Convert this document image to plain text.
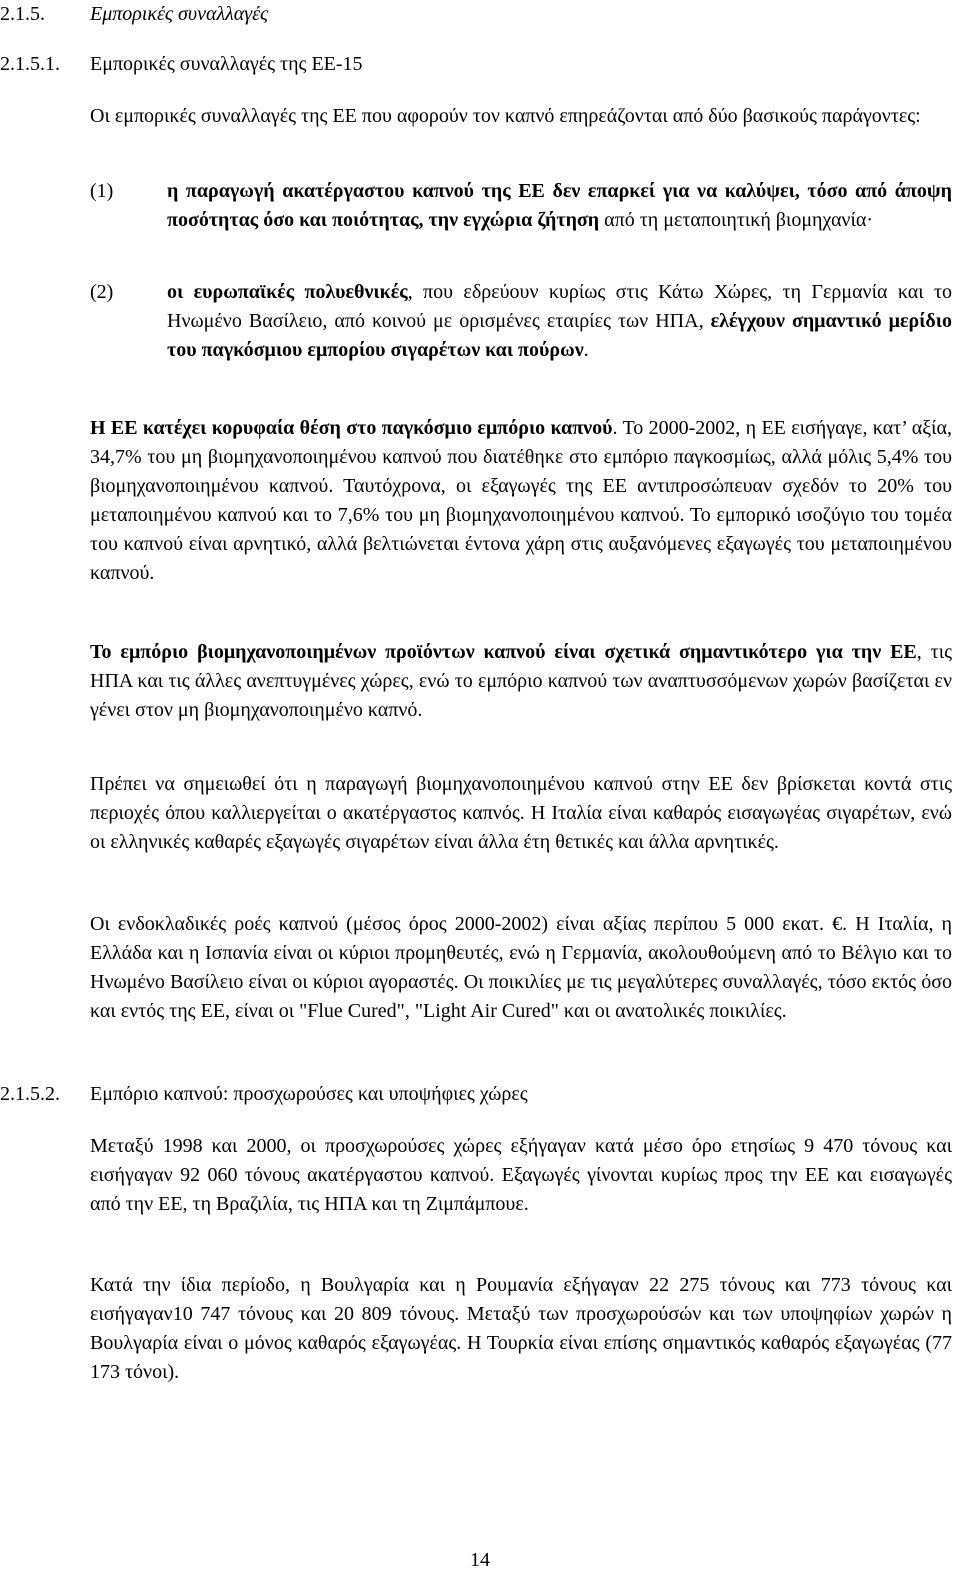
2.1.5. Εμπορικές συναλλαγές
2.1.5.1. Εμπορικές συναλλαγές της ΕΕ-15
Οι εμπορικές συναλλαγές της ΕΕ που αφορούν τον καπνό επηρεάζονται από δύο βασικούς παράγοντες:
(1)	η παραγωγή ακατέργαστου καπνού της ΕΕ δεν επαρκεί για να καλύψει, τόσο από άποψη ποσότητας όσο και ποιότητας, την εγχώρια ζήτηση από τη μεταποιητική βιομηχανία·
(2)	οι ευρωπαϊκές πολυεθνικές, που εδρεύουν κυρίως στις Κάτω Χώρες, τη Γερμανία και το Ηνωμένο Βασίλειο, από κοινού με ορισμένες εταιρίες των ΗΠΑ, ελέγχουν σημαντικό μερίδιο του παγκόσμιου εμπορίου σιγαρέτων και πούρων.
Η ΕΕ κατέχει κορυφαία θέση στο παγκόσμιο εμπόριο καπνού. Το 2000-2002, η ΕΕ εισήγαγε, κατ’ αξία, 34,7% του μη βιομηχανοποιημένου καπνού που διατέθηκε στο εμπόριο παγκοσμίως, αλλά μόλις 5,4% του βιομηχανοποιημένου καπνού. Ταυτόχρονα, οι εξαγωγές της ΕΕ αντιπροσώπευαν σχεδόν το 20% του μεταποιημένου καπνού και το 7,6% του μη βιομηχανοποιημένου καπνού. Το εμπορικό ισοζύγιο του τομέα του καπνού είναι αρνητικό, αλλά βελτιώνεται έντονα χάρη στις αυξανόμενες εξαγωγές του μεταποιημένου καπνού.
Το εμπόριο βιομηχανοποιημένων προϊόντων καπνού είναι σχετικά σημαντικότερο για την ΕΕ, τις ΗΠΑ και τις άλλες ανεπτυγμένες χώρες, ενώ το εμπόριο καπνού των αναπτυσσόμενων χωρών βασίζεται εν γένει στον μη βιομηχανοποιημένο καπνό.
Πρέπει να σημειωθεί ότι η παραγωγή βιομηχανοποιημένου καπνού στην ΕΕ δεν βρίσκεται κοντά στις περιοχές όπου καλλιεργείται ο ακατέργαστος καπνός. Η Ιταλία είναι καθαρός εισαγωγέας σιγαρέτων, ενώ οι ελληνικές καθαρές εξαγωγές σιγαρέτων είναι άλλα έτη θετικές και άλλα αρνητικές.
Οι ενδοκλαδικές ροές καπνού (μέσος όρος 2000-2002) είναι αξίας περίπου 5 000 εκατ. €. Η Ιταλία, η Ελλάδα και η Ισπανία είναι οι κύριοι προμηθευτές, ενώ η Γερμανία, ακολουθούμενη από το Βέλγιο και το Ηνωμένο Βασίλειο είναι οι κύριοι αγοραστές. Οι ποικιλίες με τις μεγαλύτερες συναλλαγές, τόσο εκτός όσο και εντός της ΕΕ, είναι οι "Flue Cured", "Light Air Cured" και οι ανατολικές ποικιλίες.
2.1.5.2. Εμπόριο καπνού: προσχωρούσες και υποψήφιες χώρες
Μεταξύ 1998 και 2000, οι προσχωρούσες χώρες εξήγαγαν κατά μέσο όρο ετησίως 9 470 τόνους και εισήγαγαν 92 060 τόνους ακατέργαστου καπνού. Εξαγωγές γίνονται κυρίως προς την ΕΕ και εισαγωγές από την ΕΕ, τη Βραζιλία, τις ΗΠΑ και τη Ζιμπάμπουε.
Κατά την ίδια περίοδο, η Βουλγαρία και η Ρουμανία εξήγαγαν 22 275 τόνους και 773 τόνους και εισήγαγαν10 747 τόνους και 20 809 τόνους. Μεταξύ των προσχωρούσών και των υποψηφίων χωρών η Βουλγαρία είναι ο μόνος καθαρός εξαγωγέας. Η Τουρκία είναι επίσης σημαντικός καθαρός εξαγωγέας (77 173 τόνοι).
14
